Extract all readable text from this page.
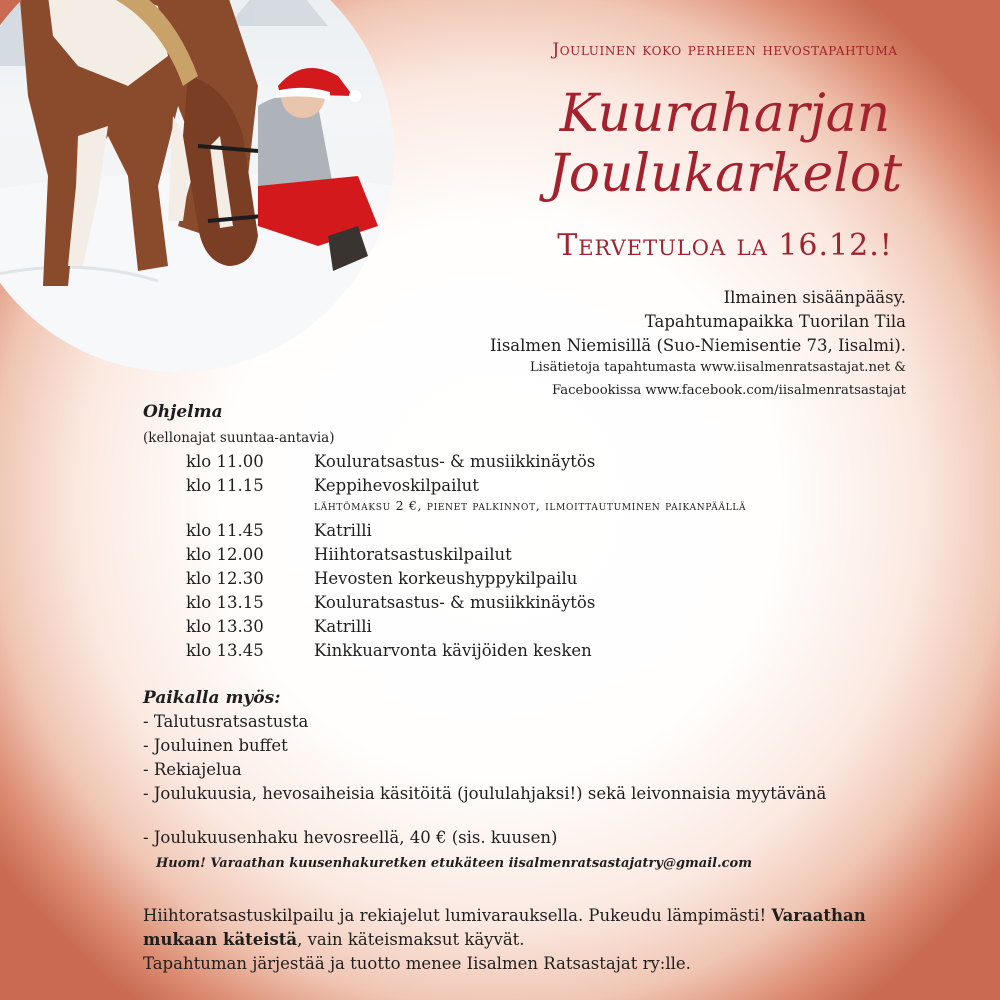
Jouluinen koko perheen hevostapahtuma
Kuuraharjan
Joulukarkelot
Tervetuloa la 16.12.!
Ilmainen sisäänpääsy.
Tapahtumapaikka Tuorilan Tila
Iisalmen Niemisillä (Suo-Niemisentie 73, Iisalmi).
Lisätietoja tapahtumasta www.iisalmenratsastajat.net &
Facebookissa www.facebook.com/iisalmenratsastajat
Ohjelma
(kellonajat suuntaa-antavia)
klo 11.00	Kouluratsastus- & musiikkinäytös
klo 11.15	Keppihevoskilpailut
lähtömaksu 2 €, pienet palkinnot, ilmoittautuminen paikanpäällä
klo 11.45	Katrilli
klo 12.00	Hiihtoratsastuskilpailut
klo 12.30	Hevosten korkeushyppykilpailu
klo 13.15	Kouluratsastus- & musiikkinäytös
klo 13.30	Katrilli
klo 13.45	Kinkkuarvonta kävijöiden kesken
Paikalla myös:
- Talutusratsastusta
- Jouluinen buffet
- Rekiajelua
- Joulukuusia, hevosaiheisia käsitöitä (joululahjaksi!) sekä leivonnaisia myytävänä
- Joulukuusenhaku hevosreellä, 40 € (sis. kuusen)
Huom! Varaathan kuusenhakuretken etukäteen iisalmenratsastajatry@gmail.com
Hiihtoratsastuskilpailu ja rekiajelut lumivarauksella. Pukeudu lämpimästi! Varaathan mukaan käteistä, vain käteismaksut käyvät.
Tapahtuman järjestää ja tuotto menee Iisalmen Ratsastajat ry:lle.
